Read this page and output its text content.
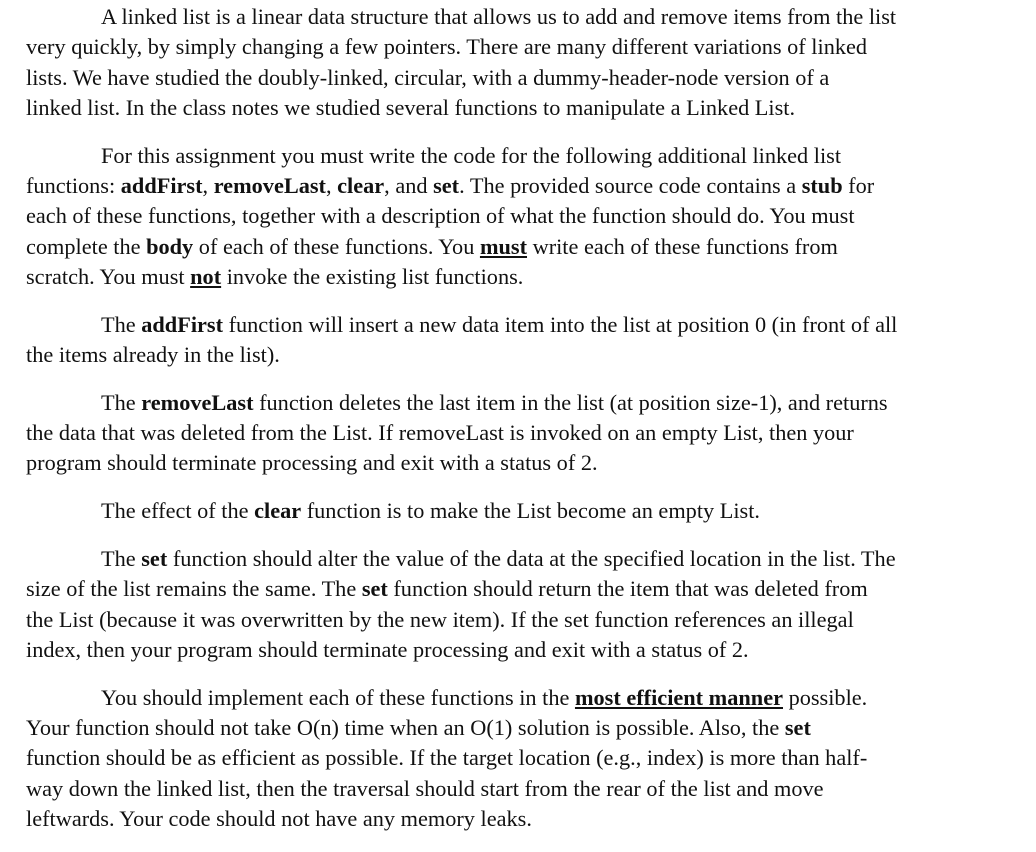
A linked list is a linear data structure that allows us to add and remove items from the list
very quickly, by simply changing a few pointers. There are many different variations of linked
lists. We have studied the doubly-linked, circular, with a dummy-header-node version of a
linked list. In the class notes we studied several functions to manipulate a Linked List.
For this assignment you must write the code for the following additional linked list
functions: addFirst, removeLast, clear, and set. The provided source code contains a stub for
each of these functions, together with a description of what the function should do. You must
complete the body of each of these functions. You must write each of these functions from
scratch. You must not invoke the existing list functions.
The addFirst function will insert a new data item into the list at position 0 (in front of all
the items already in the list).
The removeLast function deletes the last item in the list (at position size-1), and returns
the data that was deleted from the List. If removeLast is invoked on an empty List, then your
program should terminate processing and exit with a status of 2.
The effect of the clear function is to make the List become an empty List.
The set function should alter the value of the data at the specified location in the list. The
size of the list remains the same. The set function should return the item that was deleted from
the List (because it was overwritten by the new item). If the set function references an illegal
index, then your program should terminate processing and exit with a status of 2.
You should implement each of these functions in the most efficient manner possible.
Your function should not take O(n) time when an O(1) solution is possible. Also, the set
function should be as efficient as possible. If the target location (e.g., index) is more than half-
way down the linked list, then the traversal should start from the rear of the list and move
leftwards. Your code should not have any memory leaks.
